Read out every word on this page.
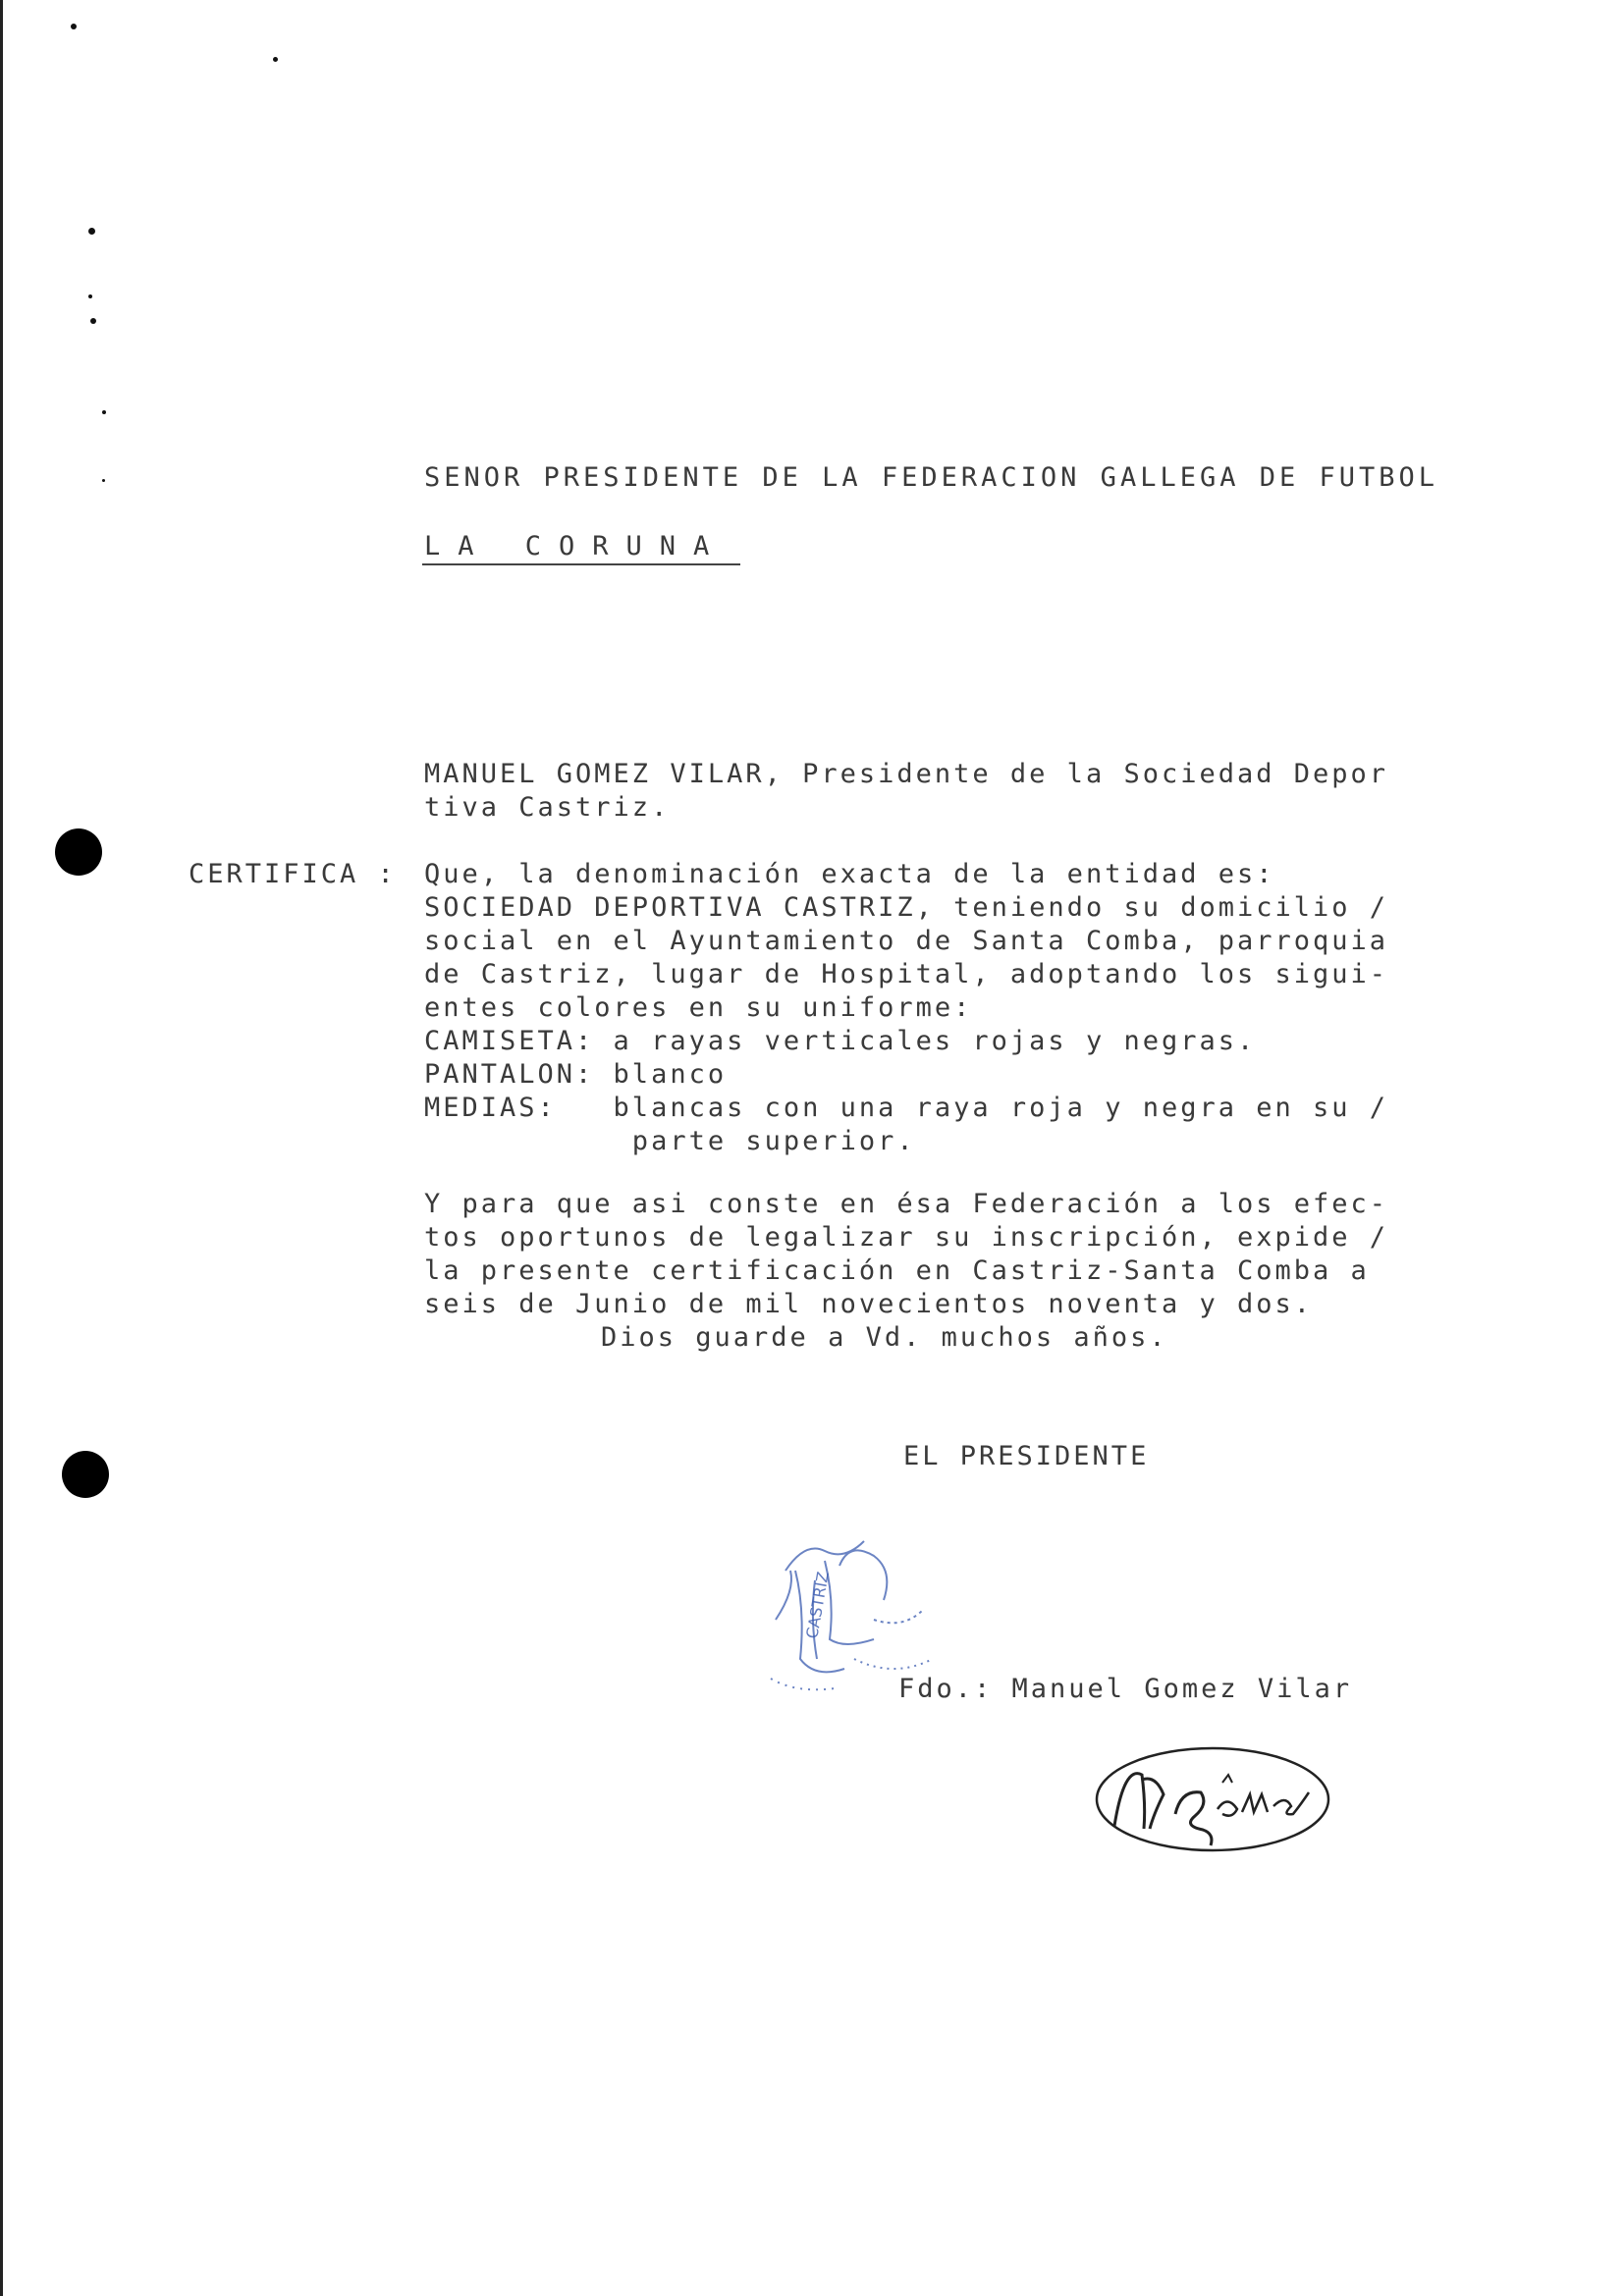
SENOR PRESIDENTE DE LA FEDERACION GALLEGA DE FUTBOL
LA CORUNA
MANUEL GOMEZ VILAR, Presidente de la Sociedad Depor
tiva Castriz.
Que, la denominación exacta de la entidad es:
SOCIEDAD DEPORTIVA CASTRIZ, teniendo su domicilio /
social en el Ayuntamiento de Santa Comba, parroquia
de Castriz, lugar de Hospital, adoptando los sigui-
entes colores en su uniforme:
CAMISETA: a rayas verticales rojas y negras.
PANTALON: blanco
MEDIAS:   blancas con una raya roja y negra en su /
parte superior.
CERTIFICA :
Y para que asi conste en ésa Federación a los efec-
tos oportunos de legalizar su inscripción, expide /
la presente certificación en Castriz-Santa Comba a
seis de Junio de mil novecientos noventa y dos.
Dios guarde a Vd. muchos años.
EL PRESIDENTE
CASTRIZ
Fdo.: Manuel Gomez Vilar
